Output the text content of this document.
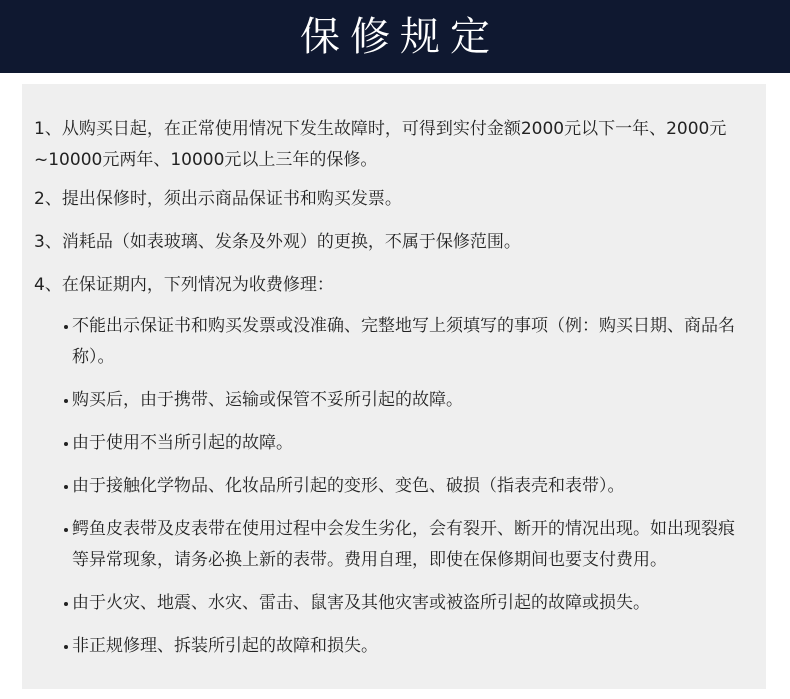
保修规定

1、从购买日起，在正常使用情况下发生故障时，可得到实付金额2000元以下一年、2000元~10000元两年、10000元以上三年的保修。

2、提出保修时，须出示商品保证书和购买发票。

3、消耗品（如表玻璃、发条及外观）的更换，不属于保修范围。

4、在保证期内，下列情况为收费修理：

不能出示保证书和购买发票或没准确、完整地写上须填写的事项（例：购买日期、商品名称）。
购买后，由于携带、运输或保管不妥所引起的故障。
由于使用不当所引起的故障。
由于接触化学物品、化妆品所引起的变形、变色、破损（指表壳和表带）。
鳄鱼皮表带及皮表带在使用过程中会发生劣化，会有裂开、断开的情况出现。如出现裂痕等异常现象，请务必换上新的表带。费用自理，即使在保修期间也要支付费用。
由于火灾、地震、水灾、雷击、鼠害及其他灾害或被盗所引起的故障或损失。
非正规修理、拆装所引起的故障和损失。
